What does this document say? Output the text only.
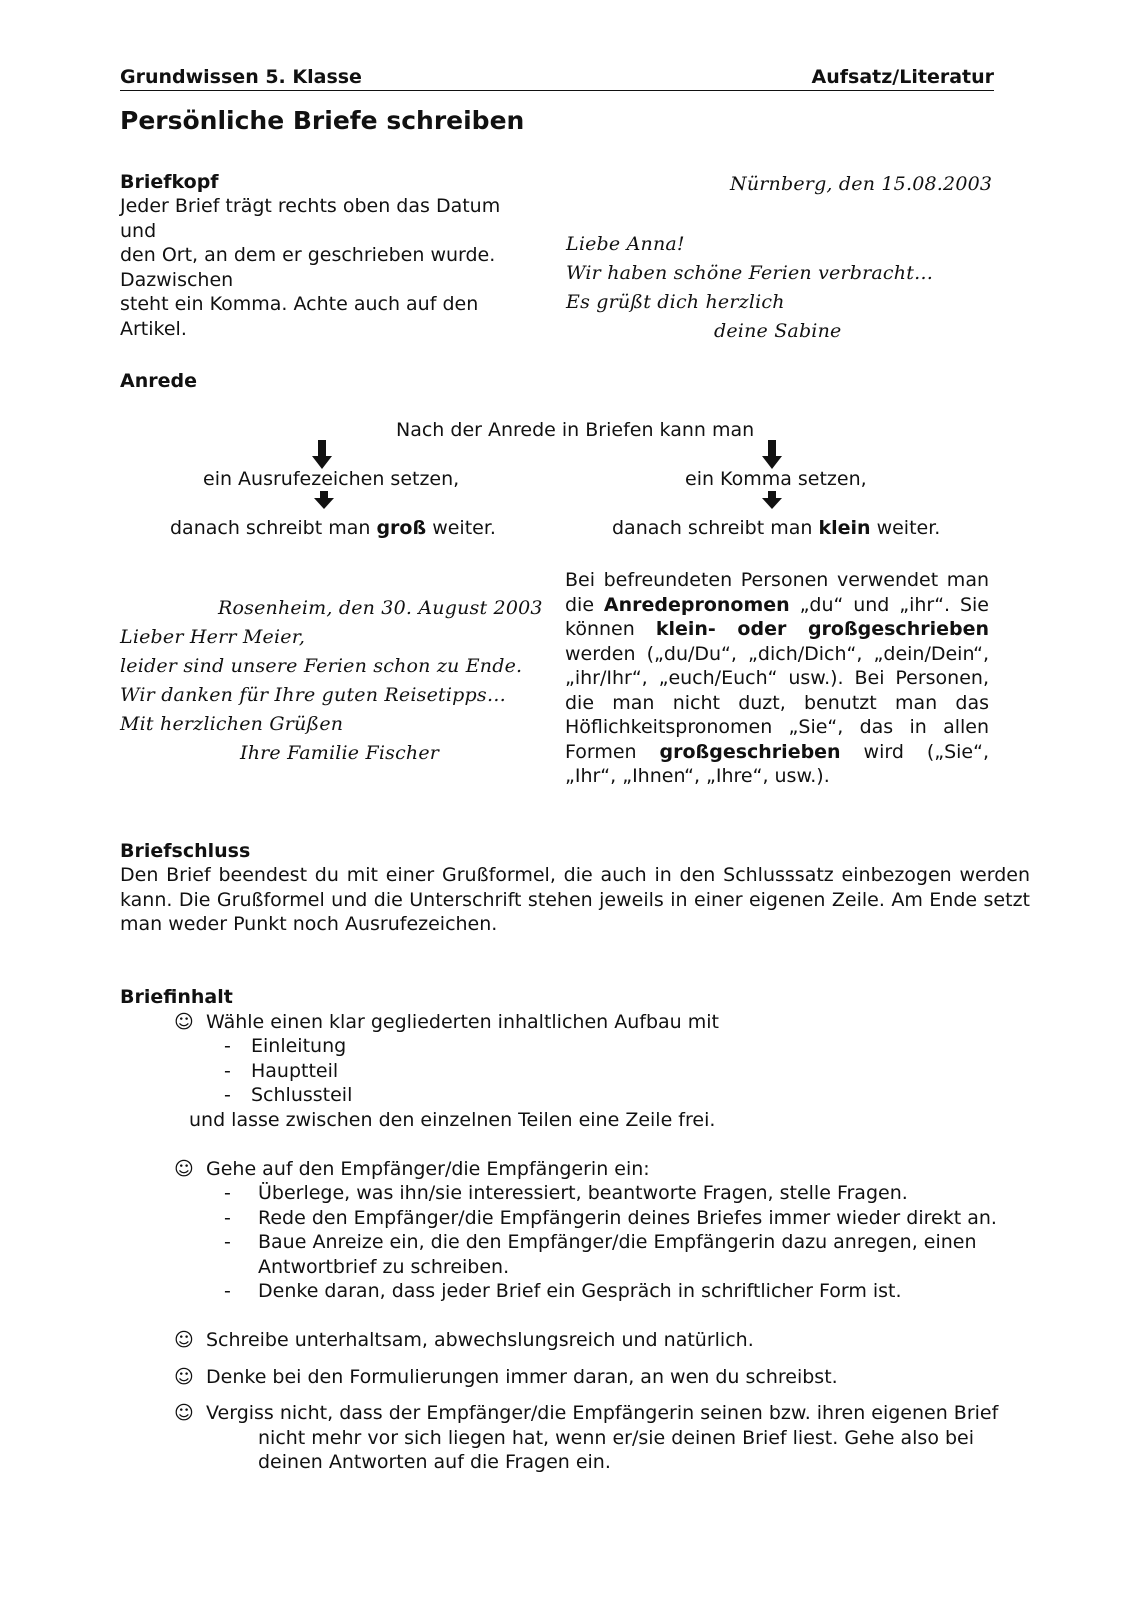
Grundwissen 5. Klasse	Aufsatz/Literatur
Persönliche Briefe schreiben
Briefkopf
Jeder Brief trägt rechts oben das Datum
und
den Ort, an dem er geschrieben wurde.
Dazwischen
steht ein Komma. Achte auch auf den
Artikel.
Nürnberg, den 15.08.2003
Liebe Anna!
Wir haben schöne Ferien verbracht…
Es grüßt dich herzlich
deine Sabine
Anrede
Nach der Anrede in Briefen kann man
ein Ausrufezeichen setzen,	ein Komma setzen,
danach schreibt man groß weiter.	danach schreibt man klein weiter.
Rosenheim, den 30. August 2003
Lieber Herr Meier,
leider sind unsere Ferien schon zu Ende.
Wir danken für Ihre guten Reisetipps…
Mit herzlichen Grüßen
Ihre Familie Fischer
Bei befreundeten Personen verwendet man die Anredepronomen „du“ und „ihr“. Sie können klein- oder großgeschrieben werden („du/Du“, „dich/Dich“, „dein/Dein“, „ihr/Ihr“, „euch/Euch“ usw.). Bei Personen, die man nicht duzt, benutzt man das Höflichkeitspronomen „Sie“, das in allen Formen großgeschrieben wird („Sie“, „Ihr“, „Ihnen“, „Ihre“, usw.).
Briefschluss
Den Brief beendest du mit einer Grußformel, die auch in den Schlusssatz einbezogen werden kann. Die Grußformel und die Unterschrift stehen jeweils in einer eigenen Zeile. Am Ende setzt man weder Punkt noch Ausrufezeichen.
Briefinhalt
☺ Wähle einen klar gegliederten inhaltlichen Aufbau mit
- Einleitung
- Hauptteil
- Schlussteil
und lasse zwischen den einzelnen Teilen eine Zeile frei.
☺ Gehe auf den Empfänger/die Empfängerin ein:
- Überlege, was ihn/sie interessiert, beantworte Fragen, stelle Fragen.
- Rede den Empfänger/die Empfängerin deines Briefes immer wieder direkt an.
- Baue Anreize ein, die den Empfänger/die Empfängerin dazu anregen, einen
Antwortbrief zu schreiben.
- Denke daran, dass jeder Brief ein Gespräch in schriftlicher Form ist.
☺ Schreibe unterhaltsam, abwechslungsreich und natürlich.
☺ Denke bei den Formulierungen immer daran, an wen du schreibst.
☺ Vergiss nicht, dass der Empfänger/die Empfängerin seinen bzw. ihren eigenen Brief
nicht mehr vor sich liegen hat, wenn er/sie deinen Brief liest. Gehe also bei
deinen Antworten auf die Fragen ein.
